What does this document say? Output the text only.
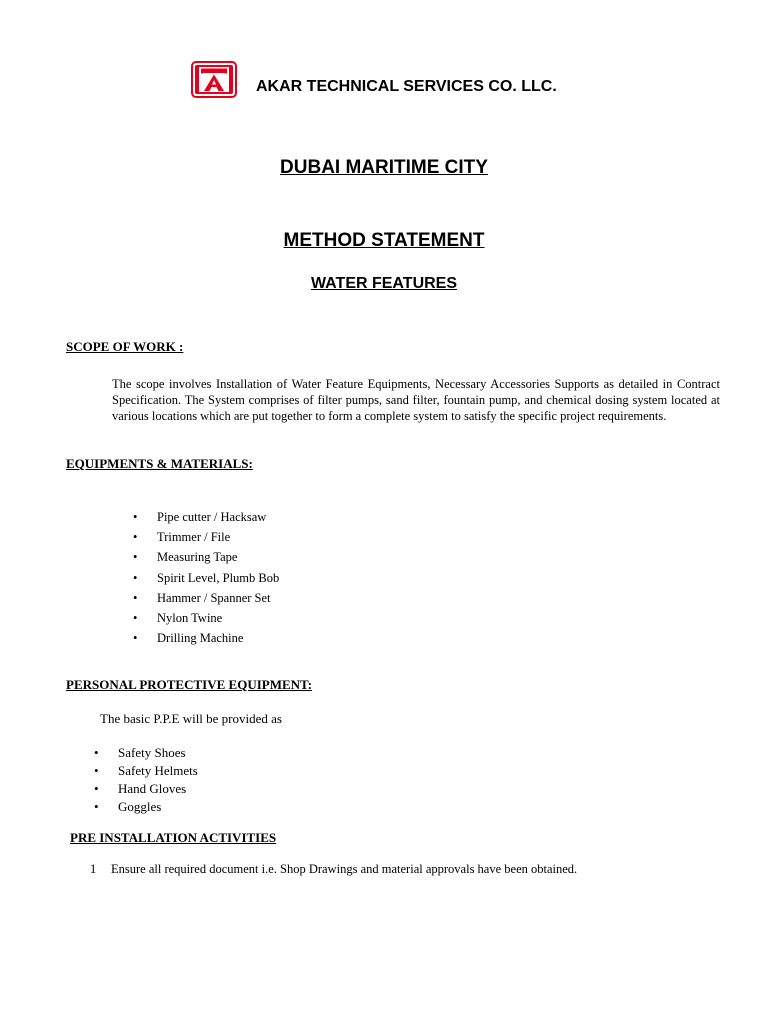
AKAR TECHNICAL SERVICES CO. LLC.
DUBAI MARITIME CITY
METHOD STATEMENT
WATER FEATURES
SCOPE OF WORK :
The scope involves Installation of Water Feature Equipments, Necessary Accessories Supports as detailed in Contract Specification. The System comprises of filter pumps, sand filter, fountain pump, and chemical dosing system located at various locations which are put together to form a complete system to satisfy the specific project requirements.
EQUIPMENTS & MATERIALS:
• Pipe cutter / Hacksaw
• Trimmer / File
• Measuring Tape
• Spirit Level, Plumb Bob
• Hammer / Spanner Set
• Nylon Twine
• Drilling Machine
PERSONAL PROTECTIVE EQUIPMENT:
The basic P.P.E will be provided as
• Safety Shoes
• Safety Helmets
• Hand Gloves
• Goggles
PRE INSTALLATION ACTIVITIES
1 Ensure all required document i.e. Shop Drawings and material approvals have been obtained.
